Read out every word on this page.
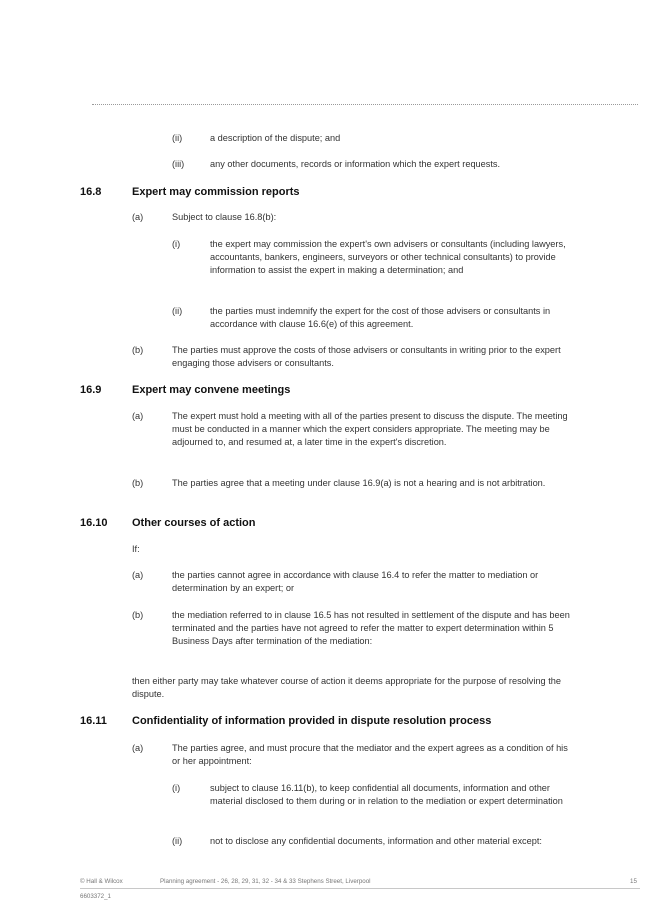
(ii)	a description of the dispute; and
(iii)	any other documents, records or information which the expert requests.
16.8	Expert may commission reports
(a)	Subject to clause 16.8(b):
(i)	the expert may commission the expert's own advisers or consultants (including lawyers, accountants, bankers, engineers, surveyors or other technical consultants) to provide information to assist the expert in making a determination; and
(ii)	the parties must indemnify the expert for the cost of those advisers or consultants in accordance with clause 16.6(e) of this agreement.
(b)	The parties must approve the costs of those advisers or consultants in writing prior to the expert engaging those advisers or consultants.
16.9	Expert may convene meetings
(a)	The expert must hold a meeting with all of the parties present to discuss the dispute. The meeting must be conducted in a manner which the expert considers appropriate. The meeting may be adjourned to, and resumed at, a later time in the expert's discretion.
(b)	The parties agree that a meeting under clause 16.9(a) is not a hearing and is not arbitration.
16.10 Other courses of action
If:
(a)	the parties cannot agree in accordance with clause 16.4 to refer the matter to mediation or determination by an expert; or
(b)	the mediation referred to in clause 16.5 has not resulted in settlement of the dispute and has been terminated and the parties have not agreed to refer the matter to expert determination within 5 Business Days after termination of the mediation:
then either party may take whatever course of action it deems appropriate for the purpose of resolving the dispute.
16.11 Confidentiality of information provided in dispute resolution process
(a)	The parties agree, and must procure that the mediator and the expert agrees as a condition of his or her appointment:
(i)	subject to clause 16.11(b), to keep confidential all documents, information and other material disclosed to them during or in relation to the mediation or expert determination
(ii)	not to disclose any confidential documents, information and other material except:
© Hall & Wilcox	Planning agreement - 26, 28, 29, 31, 32 - 34 & 33 Stephens Street, Liverpool	15
6603372_1
